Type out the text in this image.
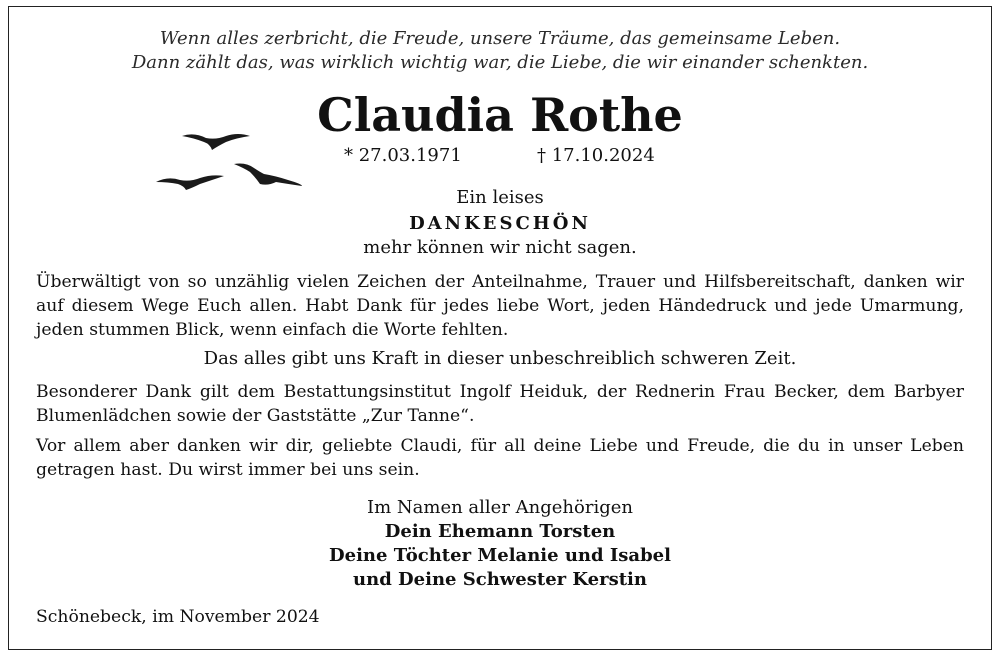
Wenn alles zerbricht, die Freude, unsere Träume, das gemeinsame Leben.
Dann zählt das, was wirklich wichtig war, die Liebe, die wir einander schenkten.
Claudia Rothe
* 27.03.1971	† 17.10.2024
Ein leises
DANKESCHÖN
mehr können wir nicht sagen.
Überwältigt von so unzählig vielen Zeichen der Anteilnahme, Trauer und Hilfsbereitschaft, danken wir auf diesem Wege Euch allen. Habt Dank für jedes liebe Wort, jeden Händedruck und jede Umarmung, jeden stummen Blick, wenn einfach die Worte fehlten.
Das alles gibt uns Kraft in dieser unbeschreiblich schweren Zeit.
Besonderer Dank gilt dem Bestattungsinstitut Ingolf Heiduk, der Rednerin Frau Becker, dem Barbyer Blumenlädchen sowie der Gaststätte „Zur Tanne“.
Vor allem aber danken wir dir, geliebte Claudi, für all deine Liebe und Freude, die du in unser Leben getragen hast. Du wirst immer bei uns sein.
Im Namen aller Angehörigen
Dein Ehemann Torsten
Deine Töchter Melanie und Isabel
und Deine Schwester Kerstin
Schönebeck, im November 2024
